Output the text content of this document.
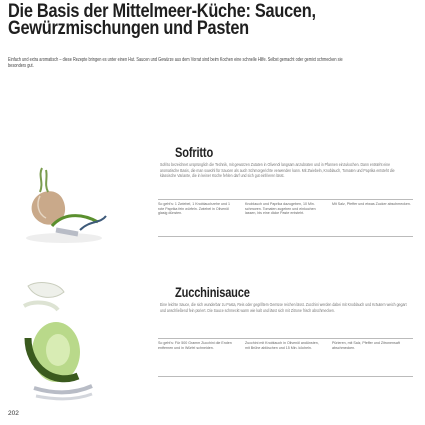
Die Basis der Mittelmeer-Küche: Saucen, Gewürzmischungen und Pasten

Einfach und extra aromatisch – diese Rezepte bringen es unter einen Hut. Saucen und Gewürze aus dem Vorrat sind beim Kochen eine schnelle Hilfe. Selbst gemacht oder gemixt schmecken sie besonders gut.

Sofritto

Sofrito bezeichnet ursprünglich die Technik, mit gewürzen Zutaten in Olivenöl langsam anzubraten und in Pfannen einzukochen. Dann entsteht eine aromatische Basis, die man sowohl für Saucen als auch Schmorgerichte verwenden kann. Mit Zwiebeln, Knoblauch, Tomaten und Paprika entsteht die klassische Variante, die in keiner Küche fehlen darf und sich gut einfrieren lässt.

So geht's: 1 Zwiebel, 1 Knoblauchzehe und 1 rote Paprika fein würfeln. Zwiebel in Olivenöl glasig dünsten.

Knoblauch und Paprika dazugeben, 10 Min. schmoren. Tomaten zugeben und einkochen lassen, bis eine dicke Paste entsteht.

Mit Salz, Pfeffer und etwas Zucker abschmecken.

Zucchinisauce

Eine leichte Sauce, die sich wunderbar zu Pasta, Reis oder gegrilltem Gemüse reichen lässt. Zucchini werden dabei mit Knoblauch und Kräutern weich gegart und anschließend fein püriert. Die Sauce schmeckt warm wie kalt und lässt sich mit Zitrone frisch abschmecken.

So geht's: Für 500 Gramm Zucchini die Enden entfernen und in Würfel schneiden.

Zucchini mit Knoblauch in Olivenöl andünsten, mit Brühe ablöschen und 15 Min. köcheln.

Pürieren, mit Salz, Pfeffer und Zitronensaft abschmecken.

202
